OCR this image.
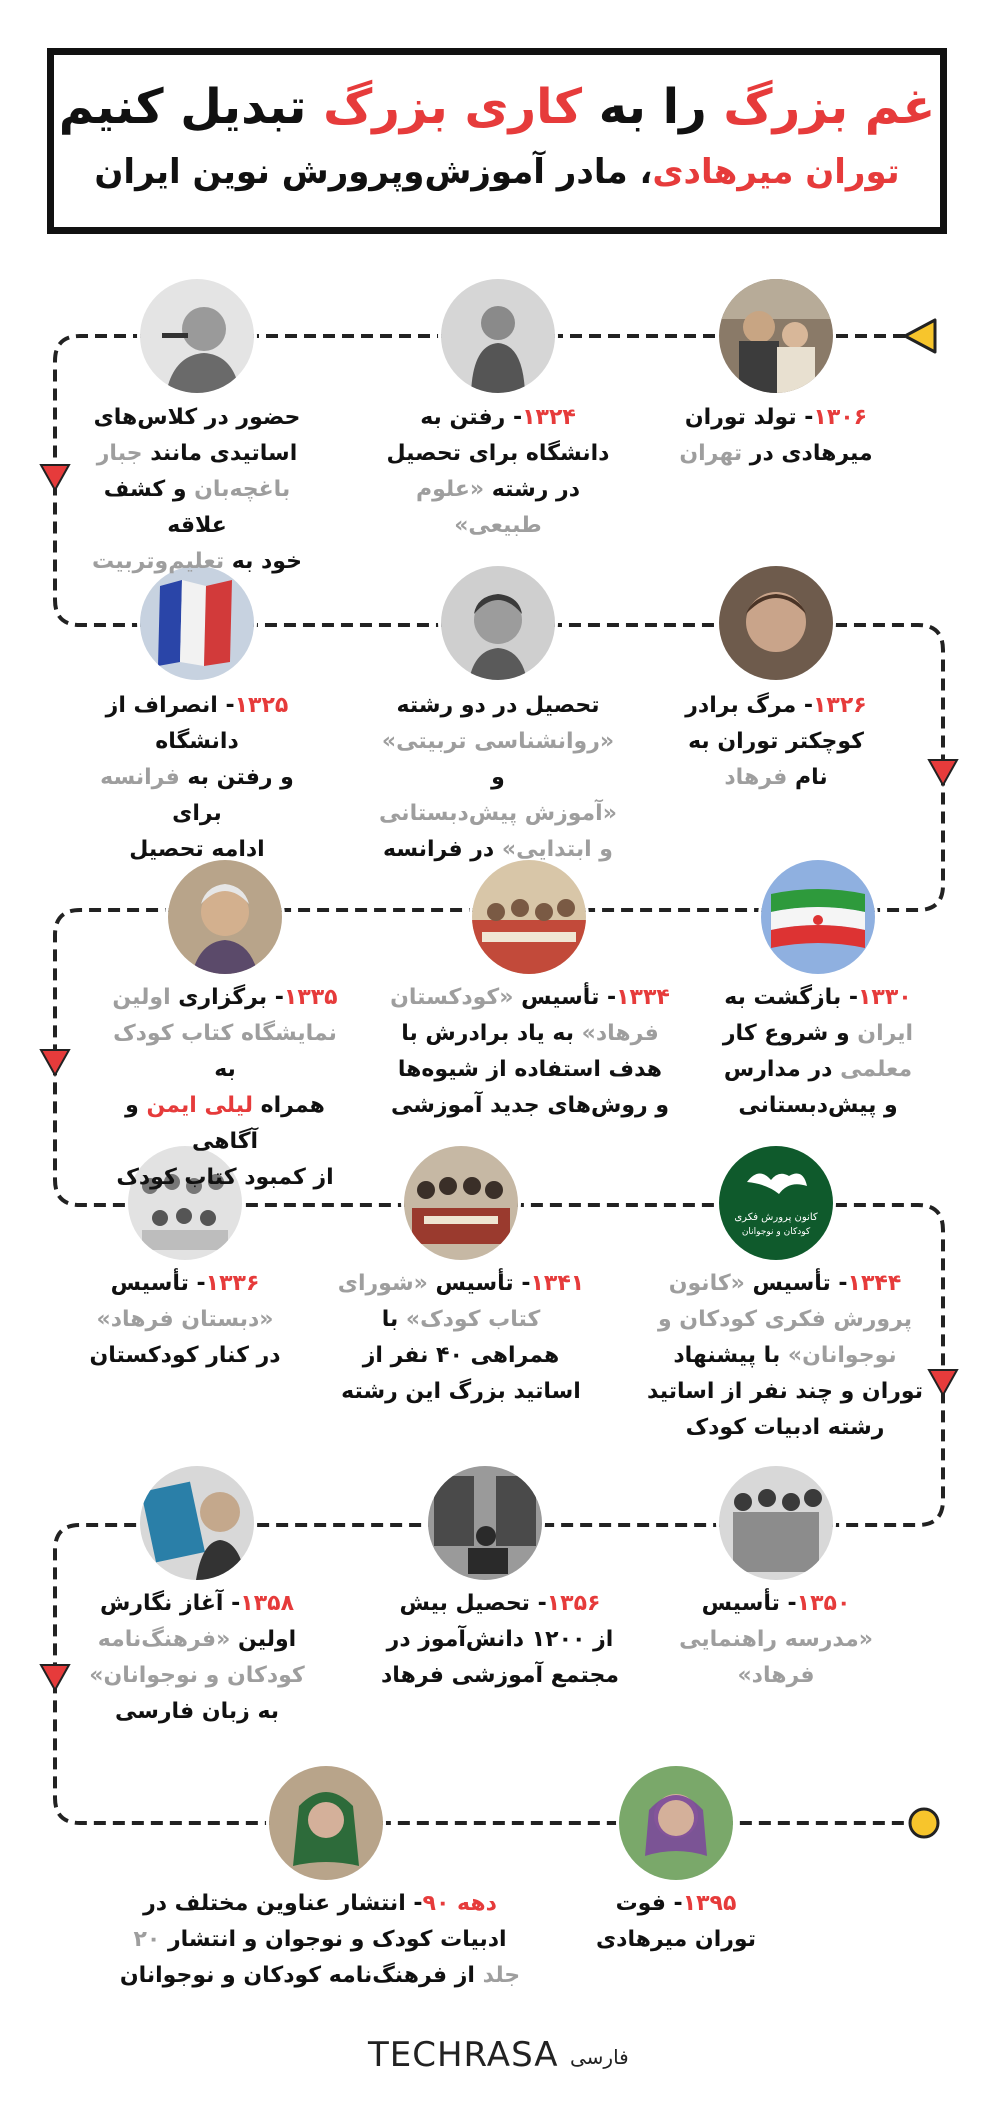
غم بزرگ را به کاری بزرگ تبدیل کنیم
توران میرهادی، مادر آموزش‌وپرورش نوین ایران
کانون پرورش فکری
کودکان و نوجوانان
۱۳۰۶- تولد توران
میرهادی در تهران
۱۳۲۴- رفتن به
دانشگاه برای تحصیل
در رشته «علوم طبیعی»
حضور در کلاس‌های
اساتیدی مانند جبار
باغچه‌بان و کشف علاقه
خود به تعلیم‌وتربیت
۱۳۲۶- مرگ برادر
کوچکتر توران به
نام فرهاد
تحصیل در دو رشته
«روانشناسی تربیتی» و
«آموزش پیش‌دبستانی
و ابتدایی» در فرانسه
۱۳۲۵- انصراف از دانشگاه
و رفتن به فرانسه برای
ادامه تحصیل
۱۳۳۰- بازگشت به
ایران و شروع کار
معلمی در مدارس
و پیش‌دبستانی
۱۳۳۴- تأسیس «کودکستان
فرهاد» به یاد برادرش با
هدف استفاده از شیوه‌ها
و روش‌های جدید آموزشی
۱۳۳۵- برگزاری اولین
نمایشگاه کتاب کودک به
همراه لیلی ایمن و آگاهی
از کمبود کتاب کودک
۱۳۴۴- تأسیس «کانون
پرورش فکری کودکان و
نوجوانان» با پیشنهاد
توران و چند نفر از اساتید
رشته ادبیات کودک
۱۳۴۱- تأسیس «شورای
کتاب کودک» با
همراهی ۴۰ نفر از
اساتید بزرگ این رشته
۱۳۳۶- تأسیس
«دبستان فرهاد»
در کنار کودکستان
۱۳۵۰- تأسیس
«مدرسه راهنمایی
فرهاد»
۱۳۵۶- تحصیل بیش
از ۱۲۰۰ دانش‌آموز در
مجتمع آموزشی فرهاد
۱۳۵۸- آغاز نگارش
اولین «فرهنگ‌نامه
کودکان و نوجوانان»
به زبان فارسی
۱۳۹۵- فوت
توران میرهادی
دهه ۹۰- انتشار عناوین مختلف در
ادبیات کودک و نوجوان و انتشار ۲۰
جلد از فرهنگ‌نامه کودکان و نوجوانان
TECHRASA فارسی
